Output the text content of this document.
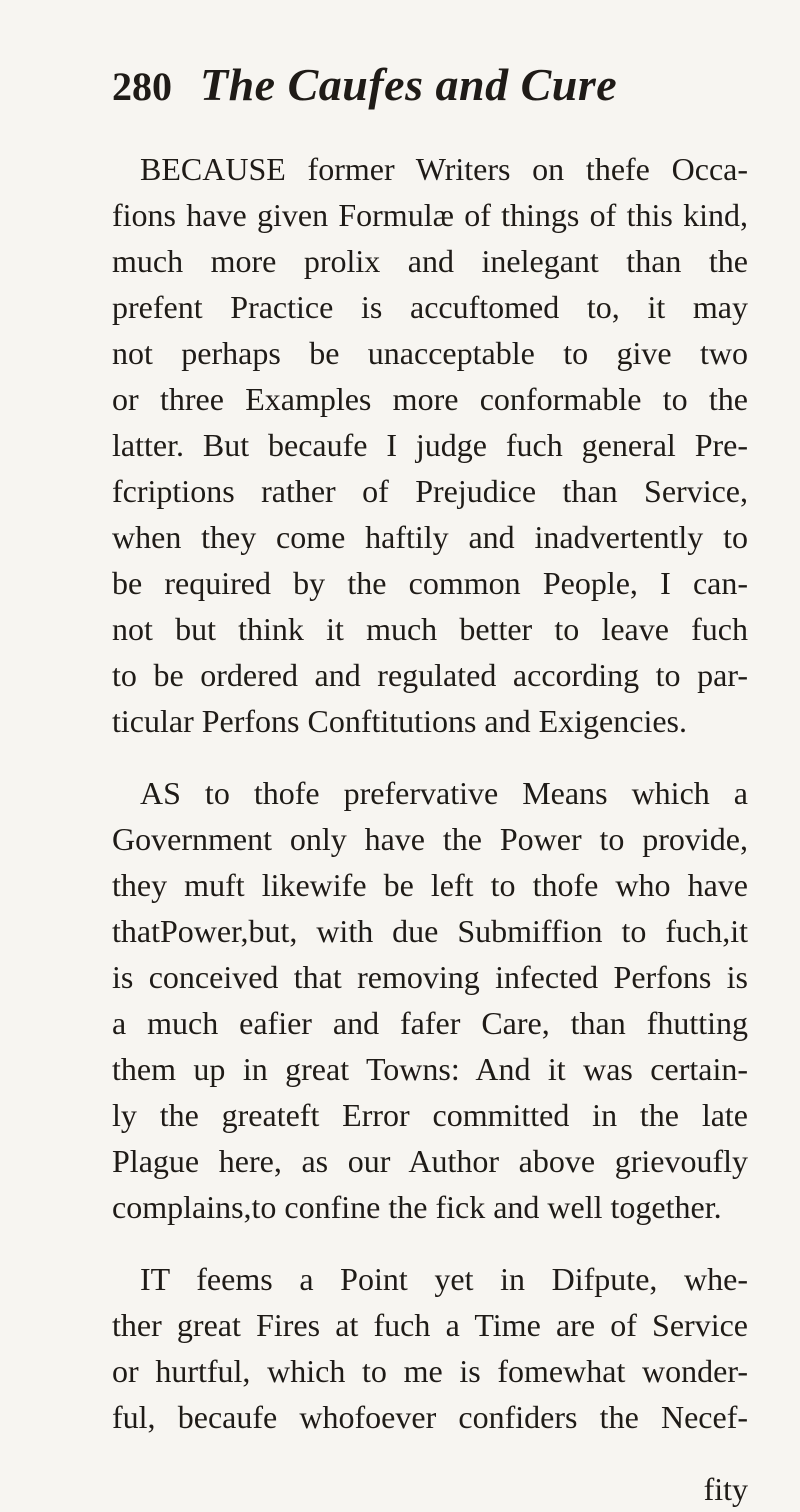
280 The Caufes and Cure
BECAUSE former Writers on thefe Occa-
fions have given Formulæ of things of this kind,
much more prolix and inelegant than the
prefent Practice is accuftomed to, it may
not perhaps be unacceptable to give two
or three Examples more conformable to the
latter. But becaufe I judge fuch general Pre-
fcriptions rather of Prejudice than Service,
when they come haftily and inadvertently to
be required by the common People, I can-
not but think it much better to leave fuch
to be ordered and regulated according to par-
ticular Perfons Conftitutions and Exigencies.
AS to thofe prefervative Means which a
Government only have the Power to provide,
they muft likewife be left to thofe who have
thatPower,but, with due Submiffion to fuch,it
is conceived that removing infected Perfons is
a much eafier and fafer Care, than fhutting
them up in great Towns: And it was certain-
ly the greateft Error committed in the late
Plague here, as our Author above grievoufly
complains,to confine the fick and well together.
IT feems a Point yet in Difpute, whe-
ther great Fires at fuch a Time are of Service
or hurtful, which to me is fomewhat wonder-
ful, becaufe whofoever confiders the Necef-
fity
